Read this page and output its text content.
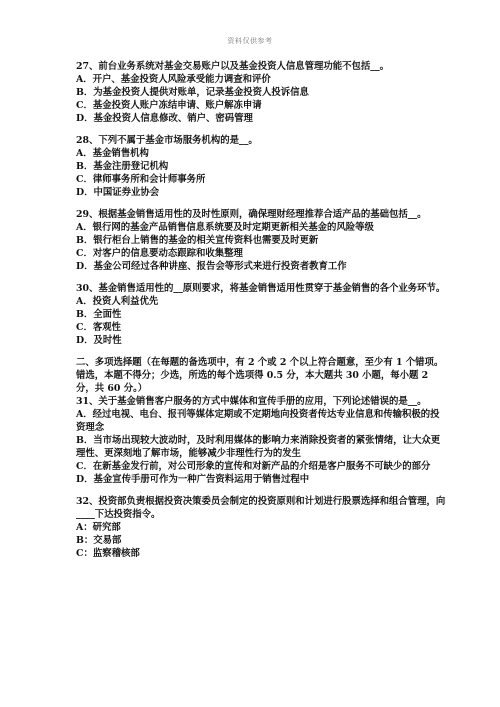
资料仅供参考
27、前台业务系统对基金交易账户以及基金投资人信息管理功能不包括__。
A．开户、基金投资人风险承受能力调查和评价
B．为基金投资人提供对账单，记录基金投资人投诉信息
C．基金投资人账户冻结申请、账户解冻申请
D．基金投资人信息修改、销户、密码管理
28、下列不属于基金市场服务机构的是__。
A．基金销售机构
B．基金注册登记机构
C．律师事务所和会计师事务所
D．中国证券业协会
29、根据基金销售适用性的及时性原则，确保理财经理推荐合适产品的基础包括__。
A．银行网的基金产品销售信息系统要及时定期更新相关基金的风险等级
B．银行柜台上销售的基金的相关宣传资料也需要及时更新
C．对客户的信息要动态跟踪和收集整理
D．基金公司经过各种讲座、报告会等形式来进行投资者教育工作
30、基金销售适用性的__原则要求，将基金销售适用性贯穿于基金销售的各个业务环节。
A．投资人利益优先
B．全面性
C．客观性
D．及时性
二、多项选择题（在每题的备选项中，有 2 个或 2 个以上符合题意，至少有 1 个错项。错选，本题不得分；少选，所选的每个选项得 0.5 分，本大题共 30 小题，每小题 2 分，共 60 分。）
31、关于基金销售客户服务的方式中媒体和宣传手册的应用，下列论述错误的是__。
A．经过电视、电台、报刊等媒体定期或不定期地向投资者传达专业信息和传输积极的投资理念
B．当市场出现较大波动时，及时利用媒体的影响力来消除投资者的紧张情绪，让大众更理性、更深刻地了解市场，能够减少非理性行为的发生
C．在新基金发行前，对公司形象的宣传和对新产品的介绍是客户服务不可缺少的部分
D．基金宣传手册可作为一种广告资料运用于销售过程中
32、投资部负责根据投资决策委员会制定的投资原则和计划进行股票选择和组合管理，向____下达投资指令。
A：研究部
B：交易部
C：监察稽核部
